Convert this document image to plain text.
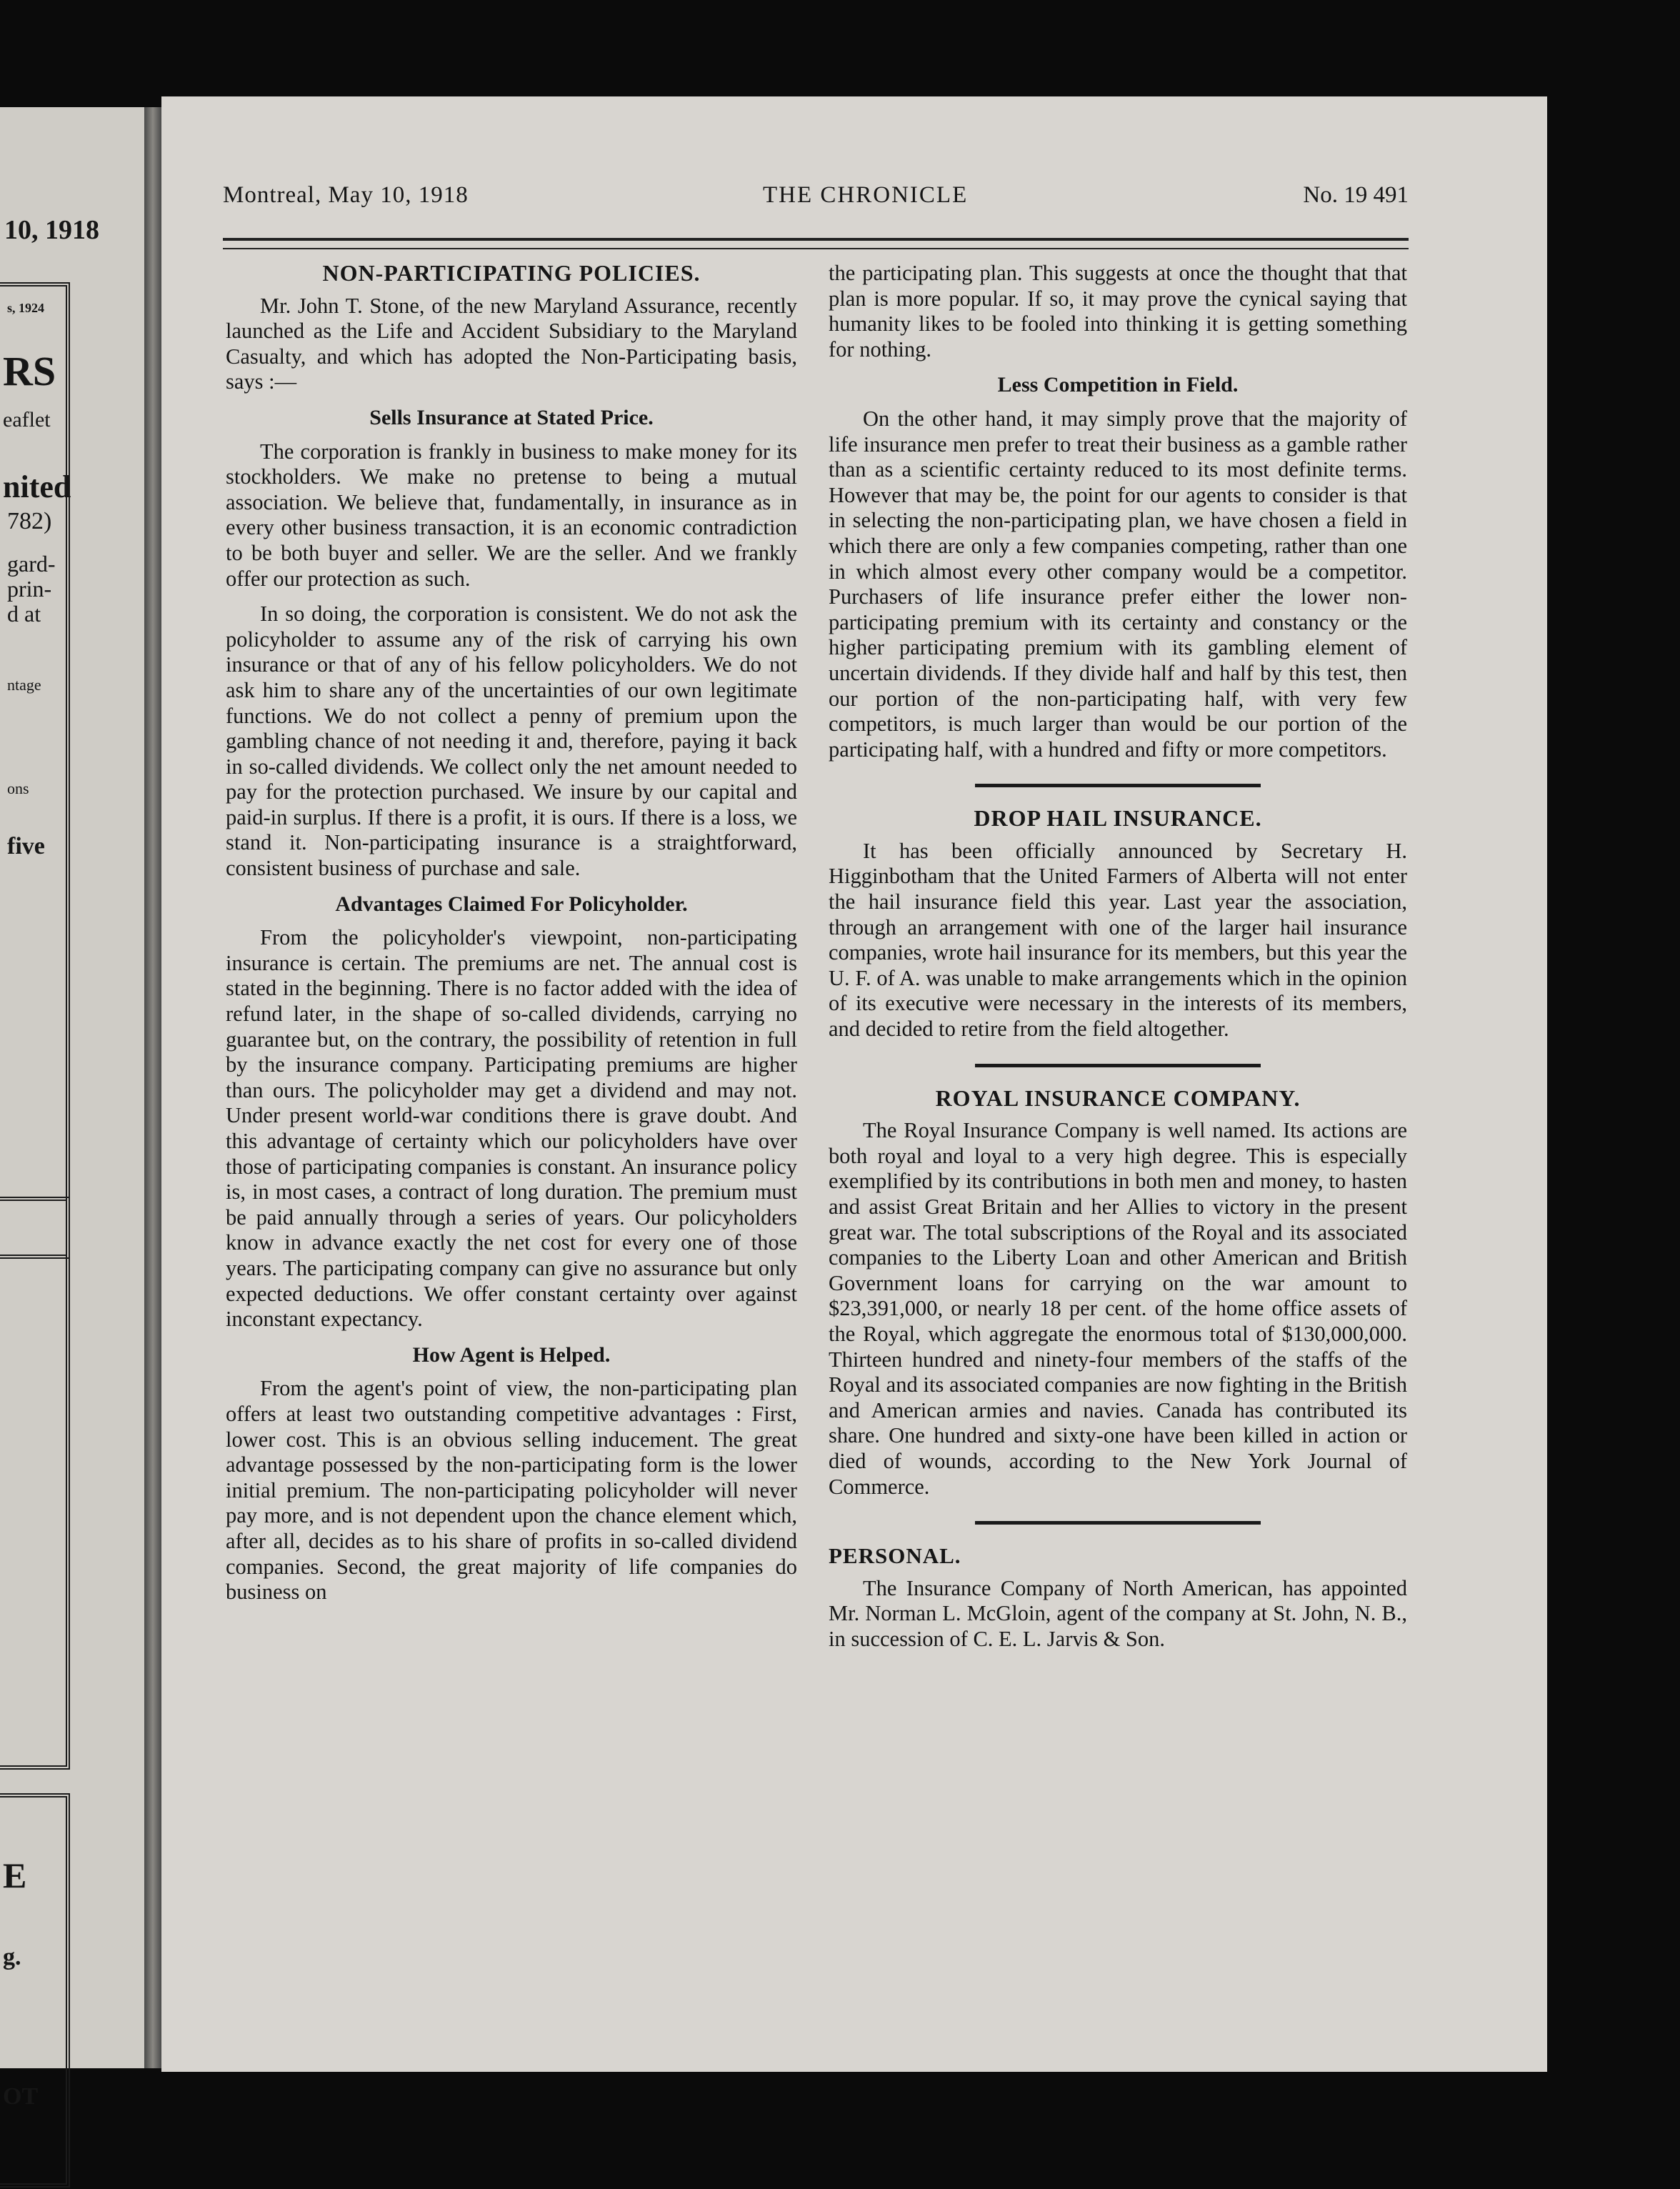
10, 1918
s, 1924
RS
eaflet
nited
782)
gard-
prin-
d at
ntage
ons
five
E
g.
OT
Montreal, May 10, 1918	THE CHRONICLE	No. 19 491
NON-PARTICIPATING POLICIES.

Mr. John T. Stone, of the new Maryland Assurance, recently launched as the Life and Accident Subsidiary to the Maryland Casualty, and which has adopted the Non-Participating basis, says :—

Sells Insurance at Stated Price.

The corporation is frankly in business to make money for its stockholders. We make no pretense to being a mutual association. We believe that, fundamentally, in insurance as in every other business transaction, it is an economic contradiction to be both buyer and seller. We are the seller. And we frankly offer our protection as such.

In so doing, the corporation is consistent. We do not ask the policyholder to assume any of the risk of carrying his own insurance or that of any of his fellow policyholders. We do not ask him to share any of the uncertainties of our own legitimate functions. We do not collect a penny of premium upon the gambling chance of not needing it and, therefore, paying it back in so-called dividends. We collect only the net amount needed to pay for the protection purchased. We insure by our capital and paid-in surplus. If there is a profit, it is ours. If there is a loss, we stand it. Non-participating insurance is a straightforward, consistent business of purchase and sale.

Advantages Claimed For Policyholder.

From the policyholder's viewpoint, non-participating insurance is certain. The premiums are net. The annual cost is stated in the beginning. There is no factor added with the idea of refund later, in the shape of so-called dividends, carrying no guarantee but, on the contrary, the possibility of retention in full by the insurance company. Participating premiums are higher than ours. The policyholder may get a dividend and may not. Under present world-war conditions there is grave doubt. And this advantage of certainty which our policyholders have over those of participating companies is constant. An insurance policy is, in most cases, a contract of long duration. The premium must be paid annually through a series of years. Our policyholders know in advance exactly the net cost for every one of those years. The participating company can give no assurance but only expected deductions. We offer constant certainty over against inconstant expectancy.

How Agent is Helped.

From the agent's point of view, the non-participating plan offers at least two outstanding competitive advantages : First, lower cost. This is an obvious selling inducement. The great advantage possessed by the non-participating form is the lower initial premium. The non-participating policyholder will never pay more, and is not dependent upon the chance element which, after all, decides as to his share of profits in so-called dividend companies. Second, the great majority of life companies do business on

the participating plan. This suggests at once the thought that that plan is more popular. If so, it may prove the cynical saying that humanity likes to be fooled into thinking it is getting something for nothing.

Less Competition in Field.

On the other hand, it may simply prove that the majority of life insurance men prefer to treat their business as a gamble rather than as a scientific certainty reduced to its most definite terms. However that may be, the point for our agents to consider is that in selecting the non-participating plan, we have chosen a field in which there are only a few companies competing, rather than one in which almost every other company would be a competitor. Purchasers of life insurance prefer either the lower non-participating premium with its certainty and constancy or the higher participating premium with its gambling element of uncertain dividends. If they divide half and half by this test, then our portion of the non-participating half, with very few competitors, is much larger than would be our portion of the participating half, with a hundred and fifty or more competitors.

DROP HAIL INSURANCE.

It has been officially announced by Secretary H. Higginbotham that the United Farmers of Alberta will not enter the hail insurance field this year. Last year the association, through an arrangement with one of the larger hail insurance companies, wrote hail insurance for its members, but this year the U. F. of A. was unable to make arrangements which in the opinion of its executive were necessary in the interests of its members, and decided to retire from the field altogether.

ROYAL INSURANCE COMPANY.

The Royal Insurance Company is well named. Its actions are both royal and loyal to a very high degree. This is especially exemplified by its contributions in both men and money, to hasten and assist Great Britain and her Allies to victory in the present great war. The total subscriptions of the Royal and its associated companies to the Liberty Loan and other American and British Government loans for carrying on the war amount to $23,391,000, or nearly 18 per cent. of the home office assets of the Royal, which aggregate the enormous total of $130,000,000. Thirteen hundred and ninety-four members of the staffs of the Royal and its associated companies are now fighting in the British and American armies and navies. Canada has contributed its share. One hundred and sixty-one have been killed in action or died of wounds, according to the New York Journal of Commerce.

PERSONAL.

The Insurance Company of North American, has appointed Mr. Norman L. McGloin, agent of the company at St. John, N. B., in succession of C. E. L. Jarvis & Son.
